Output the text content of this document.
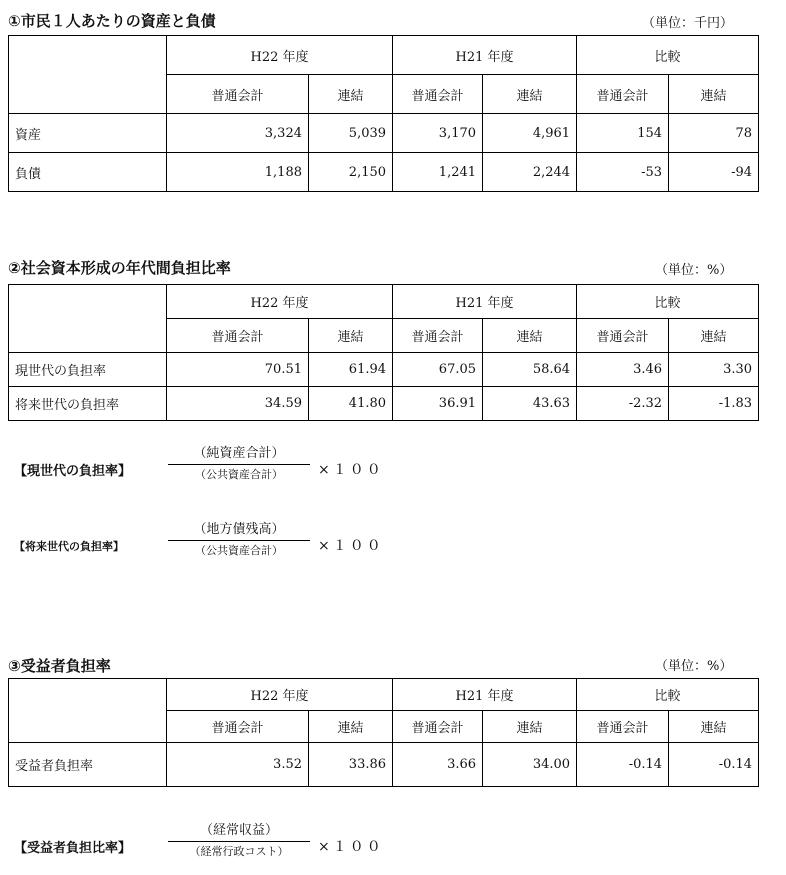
①市民１人あたりの資産と負債	（単位：千円）
	H22 年度		H21 年度		比較	
	普通会計	連結	普通会計	連結	普通会計	連結
資産	3,324	5,039	3,170	4,961	154	78
負債	1,188	2,150	1,241	2,244	-53	-94
②社会資本形成の年代間負担比率	（単位：%）
	H22 年度		H21 年度		比較	
	普通会計	連結	普通会計	連結	普通会計	連結
現世代の負担率	70.51	61.94	67.05	58.64	3.46	3.30
将来世代の負担率	34.59	41.80	36.91	43.63	-2.32	-1.83
【現世代の負担率】
（純資産合計）
（公共資産合計）	×１００
【将来世代の負担率】
（地方債残高）
（公共資産合計）	×１００
③受益者負担率	（単位：%）
	H22 年度		H21 年度		比較	
	普通会計	連結	普通会計	連結	普通会計	連結
受益者負担率	3.52	33.86	3.66	34.00	-0.14	-0.14
【受益者負担比率】
（経常収益）
（経常行政コスト）	×１００
